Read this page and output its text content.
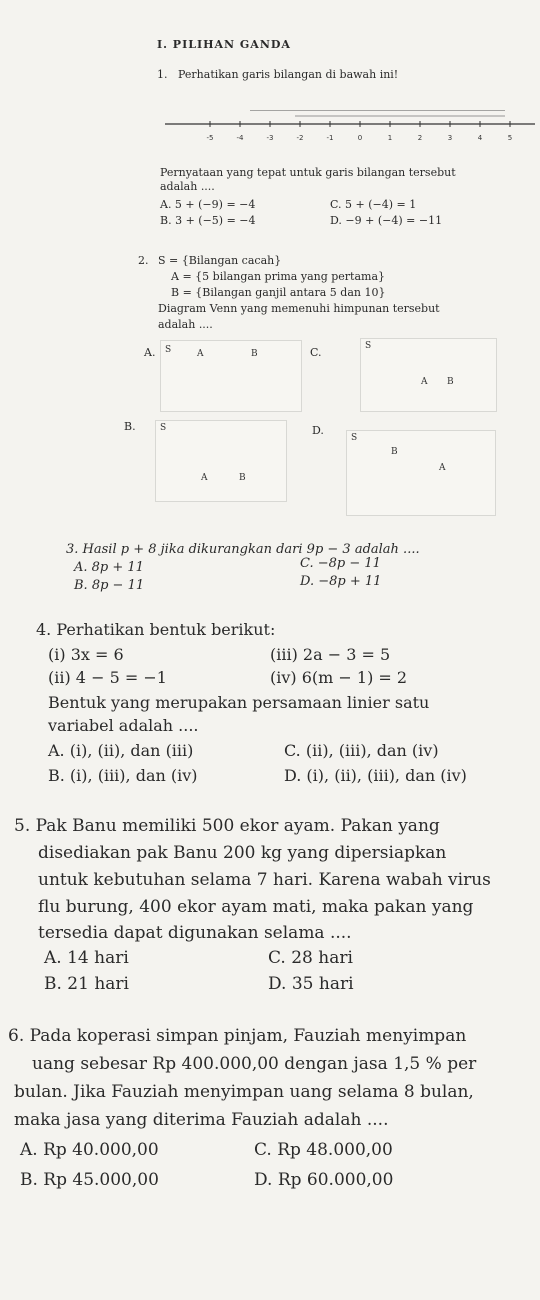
I. PILIHAN GANDA
1. Perhatikan garis bilangan di bawah ini!
-5	-4	-3	-2	-1	0	1	2	3	4	5
Pernyataan yang tepat untuk garis bilangan tersebut
adalah ....
A. 5 + (−9) = −4
B. 3 + (−5) = −4
C. 5 + (−4) = 1
D. −9 + (−4) = −11
2. S = {Bilangan cacah}
A = {5 bilangan prima yang pertama}
B = {Bilangan ganjil antara 5 dan 10}
Diagram Venn yang memenuhi himpunan tersebut
adalah ....
A. S	A	B	C.	S
A B
B.	S
A	B
D.
S
A
B
3. Hasil p + 8 jika dikurangkan dari 9p − 3 adalah ....
A. 8p + 11
B. 8p − 11
C. −8p − 11
D. −8p + 11
4. Perhatikan bentuk berikut:
(i) 3x = 6
(ii) 4 − 5 = −1
(iii) 2a − 3 = 5
(iv) 6(m − 1) = 2
Bentuk yang merupakan persamaan linier satu
variabel adalah ....
A. (i), (ii), dan (iii)
B. (i), (iii), dan (iv)
C. (ii), (iii), dan (iv)
D. (i), (ii), (iii), dan (iv)
5. Pak Banu memiliki 500 ekor ayam. Pakan yang
disediakan pak Banu 200 kg yang dipersiapkan
untuk kebutuhan selama 7 hari. Karena wabah virus
flu burung, 400 ekor ayam mati, maka pakan yang
tersedia dapat digunakan selama ....
A. 14 hari
B. 21 hari
C. 28 hari
D. 35 hari
6. Pada koperasi simpan pinjam, Fauziah menyimpan
uang sebesar Rp 400.000,00 dengan jasa 1,5 % per
bulan. Jika Fauziah menyimpan uang selama 8 bulan,
maka jasa yang diterima Fauziah adalah ....
A. Rp 40.000,00
B. Rp 45.000,00
C. Rp 48.000,00
D. Rp 60.000,00
